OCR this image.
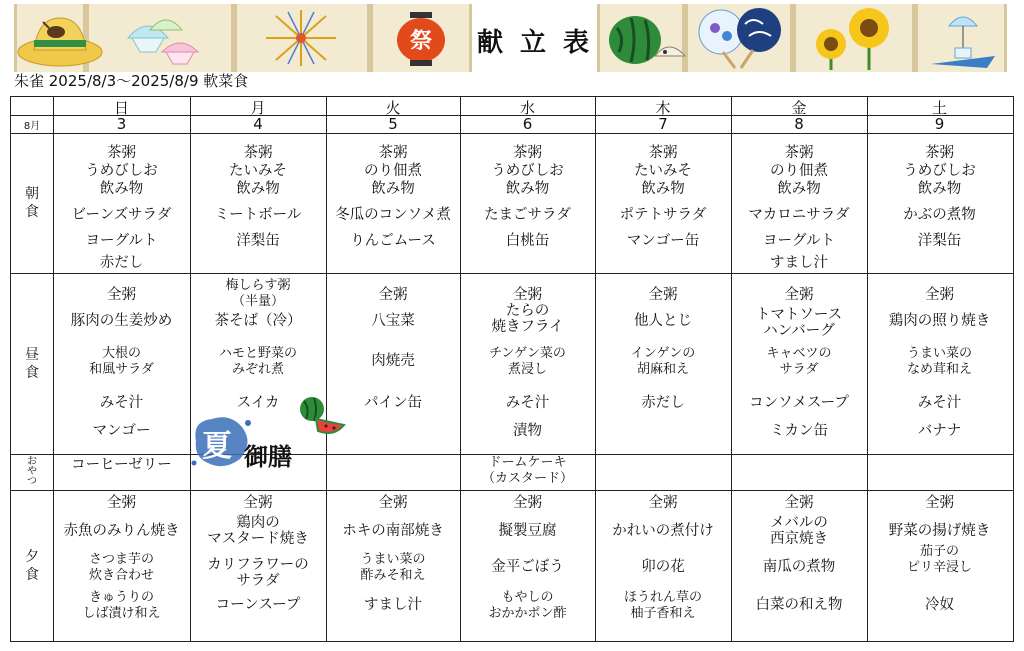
祭 献 立 表
朱雀 2025/8/3～2025/8/9 軟菜食
8月
朝
食
昼
食
お
や
つ
夕
食
日
3
月
4
火
5
水
6
木
7
金
8
土
9
茶粥
うめびしお
飲み物
ビーンズサラダ
ヨーグルト
赤だし
茶粥
たいみそ
飲み物
ミートボール
洋梨缶
茶粥
のり佃煮
飲み物
冬瓜のコンソメ煮
りんごムース
茶粥
うめびしお
飲み物
たまごサラダ
白桃缶
茶粥
たいみそ
飲み物
ポテトサラダ
マンゴー缶
茶粥
のり佃煮
飲み物
マカロニサラダ
ヨーグルト
すまし汁
茶粥
うめびしお
飲み物
かぶの煮物
洋梨缶
全粥
豚肉の生姜炒め
大根の
和風サラダ
みそ汁
マンゴー
梅しらす粥
（半量）
茶そば（冷）
ハモと野菜の
みぞれ煮
スイカ
全粥
八宝菜
肉焼売
パイン缶
全粥
たらの
焼きフライ
チンゲン菜の
煮浸し
みそ汁
漬物
全粥
他人とじ
インゲンの
胡麻和え
赤だし
全粥
トマトソース
ハンバーグ
キャベツの
サラダ
コンソメスープ
ミカン缶
全粥
鶏肉の照り焼き
うまい菜の
なめ茸和え
みそ汁
バナナ
コーヒーゼリー	ドームケーキ
（カスタード）
全粥
赤魚のみりん焼き
さつま芋の
炊き合わせ
きゅうりの
しば漬け和え
全粥
鶏肉の
マスタード焼き
カリフラワーの
サラダ
コーンスープ
全粥
ホキの南部焼き
うまい菜の
酢みそ和え
すまし汁
全粥
擬製豆腐
金平ごぼう
もやしの
おかかポン酢
全粥
かれいの煮付け
卯の花
ほうれん草の
柚子香和え
全粥
メバルの
西京焼き
南瓜の煮物
白菜の和え物
全粥
野菜の揚げ焼き
茄子の
ピリ辛浸し
冷奴
夏 御膳
